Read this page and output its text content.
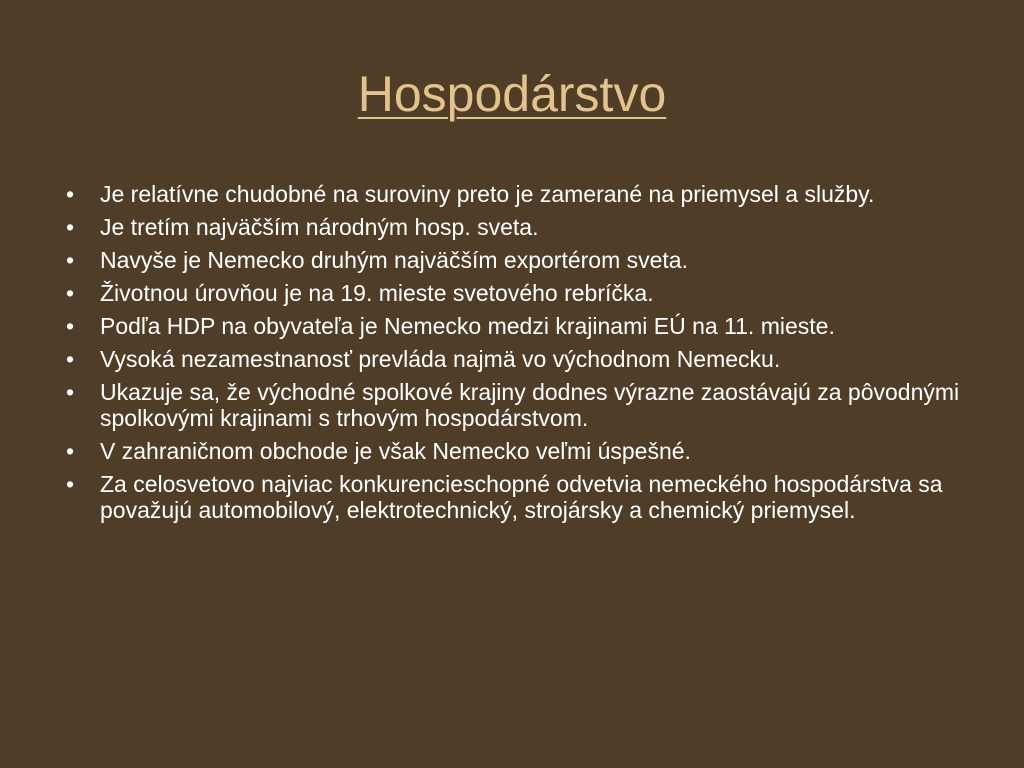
Hospodárstvo
•	Je relatívne chudobné na suroviny preto je zamerané na priemysel a služby.
•	Je tretím najväčším národným hosp. sveta.
•	Navyše je Nemecko druhým najväčším exportérom sveta.
•	Životnou úrovňou je na 19. mieste svetového rebríčka.
•	Podľa HDP na obyvateľa je Nemecko medzi krajinami EÚ na 11. mieste.
•	Vysoká nezamestnanosť prevláda najmä vo východnom Nemecku.
•	Ukazuje sa, že východné spolkové krajiny dodnes výrazne zaostávajú za pôvodnými spolkovými krajinami s trhovým hospodárstvom.
•	V zahraničnom obchode je však Nemecko veľmi úspešné.
•	Za celosvetovo najviac konkurencieschopné odvetvia nemeckého hospodárstva sa považujú automobilový, elektrotechnický, strojársky a chemický priemysel.
